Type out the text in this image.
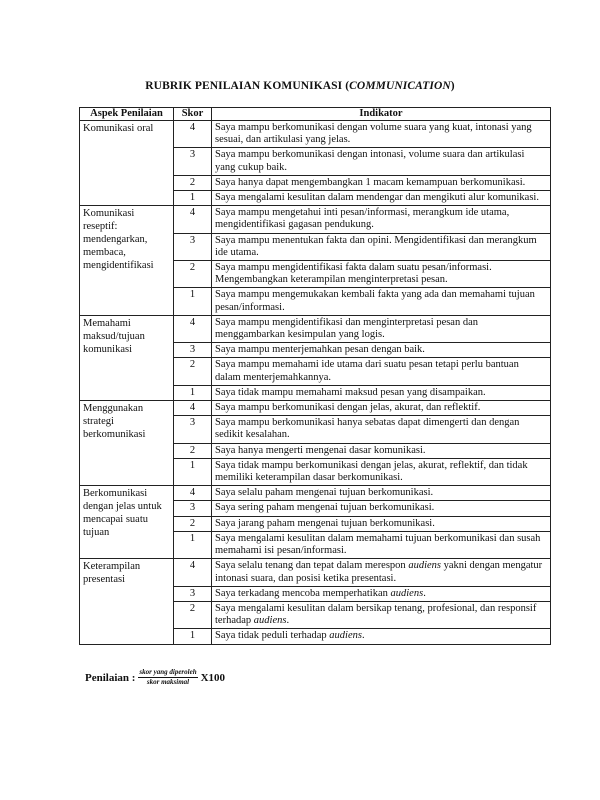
RUBRIK PENILAIAN KOMUNIKASI (COMMUNICATION)
Aspek Penilaian	Skor	Indikator
Komunikasi oral	4	Saya mampu berkomunikasi dengan volume suara yang kuat, intonasi yang sesuai, dan artikulasi yang jelas.
	3	Saya mampu berkomunikasi dengan intonasi, volume suara dan artikulasi yang cukup baik.
	2	Saya hanya dapat mengembangkan 1 macam kemampuan berkomunikasi.
	1	Saya mengalami kesulitan dalam mendengar dan mengikuti alur komunikasi.
Komunikasi reseptif: mendengarkan, membaca, mengidentifikasi	4	Saya mampu mengetahui inti pesan/informasi, merangkum ide utama, mengidentifikasi gagasan pendukung.
	3	Saya mampu menentukan fakta dan opini. Mengidentifikasi dan merangkum ide utama.
	2	Saya mampu mengidentifikasi fakta dalam suatu pesan/informasi. Mengembangkan keterampilan menginterpretasi pesan.
	1	Saya mampu mengemukakan kembali fakta yang ada dan memahami tujuan pesan/informasi.
Memahami maksud/tujuan komunikasi	4	Saya mampu mengidentifikasi dan menginterpretasi pesan dan menggambarkan kesimpulan yang logis.
	3	Saya mampu menterjemahkan pesan dengan baik.
	2	Saya mampu memahami ide utama dari suatu pesan tetapi perlu bantuan dalam menterjemahkannya.
	1	Saya tidak mampu memahami maksud pesan yang disampaikan.
Menggunakan strategi berkomunikasi	4	Saya mampu berkomunikasi dengan jelas, akurat, dan reflektif.
	3	Saya mampu berkomunikasi hanya sebatas dapat dimengerti dan dengan sedikit kesalahan.
	2	Saya hanya mengerti mengenai dasar komunikasi.
	1	Saya tidak mampu berkomunikasi dengan jelas, akurat, reflektif, dan tidak memiliki keterampilan dasar berkomunikasi.
Berkomunikasi dengan jelas untuk mencapai suatu tujuan	4	Saya selalu paham mengenai tujuan berkomunikasi.
	3	Saya sering paham mengenai tujuan berkomunikasi.
	2	Saya jarang paham mengenai tujuan berkomunikasi.
	1	Saya mengalami kesulitan dalam memahami tujuan berkomunikasi dan susah memahami isi pesan/informasi.
Keterampilan presentasi	4	Saya selalu tenang dan tepat dalam merespon audiens yakni dengan mengatur intonasi suara, dan posisi ketika presentasi.
	3	Saya terkadang mencoba memperhatikan audiens.
	2	Saya mengalami kesulitan dalam bersikap tenang, profesional, dan responsif terhadap audiens.
	1	Saya tidak peduli terhadap audiens.
Penilaian : $\frac{\text{skor yang diperoleh}}{\text{skor maksimal}} X100$
